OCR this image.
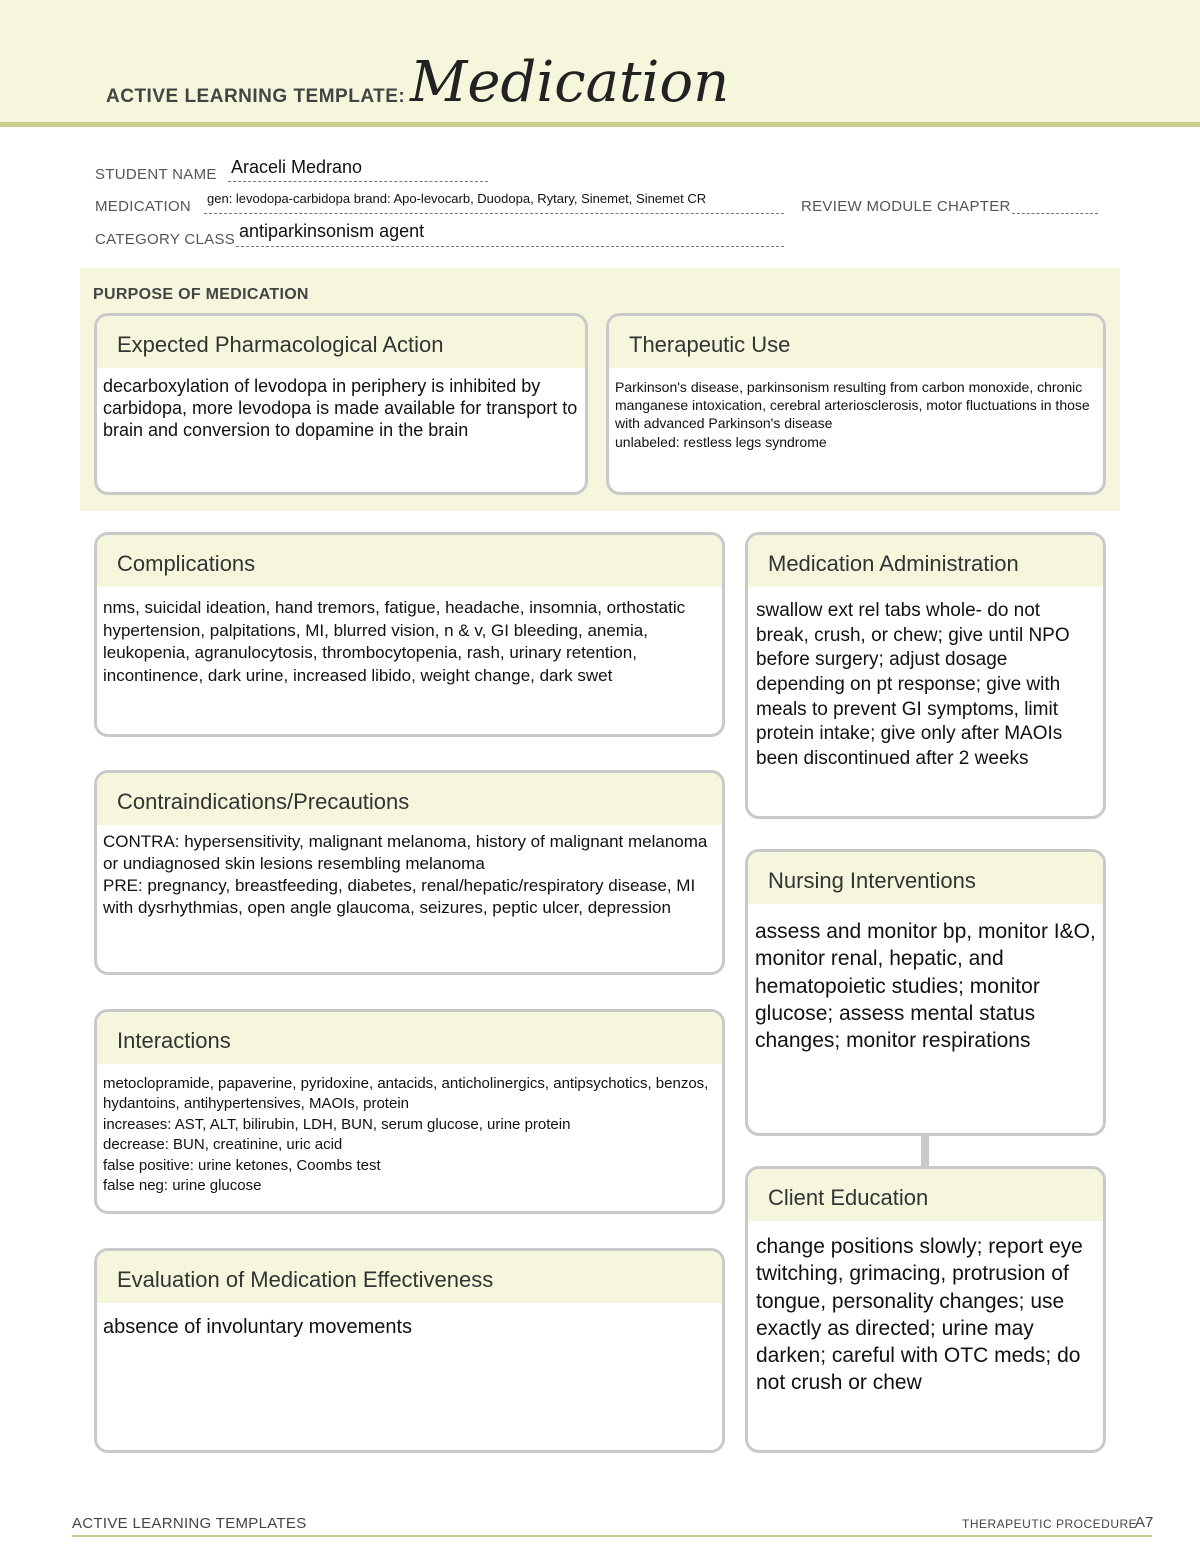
ACTIVE LEARNING TEMPLATE: Medication
STUDENT NAME Araceli Medrano
MEDICATION gen: levodopa-carbidopa brand: Apo-levocarb, Duodopa, Rytary, Sinemet, Sinemet CR	REVIEW MODULE CHAPTER
CATEGORY CLASS antiparkinsonism agent
PURPOSE OF MEDICATION
Expected Pharmacological Action
decarboxylation of levodopa in periphery is inhibited by carbidopa, more levodopa is made available for transport to brain and conversion to dopamine in the brain
Therapeutic Use
Parkinson's disease, parkinsonism resulting from carbon monoxide, chronic manganese intoxication, cerebral arteriosclerosis, motor fluctuations in those with advanced Parkinson's disease
unlabeled: restless legs syndrome
Complications
nms, suicidal ideation, hand tremors, fatigue, headache, insomnia, orthostatic hypertension, palpitations, MI, blurred vision, n & v, GI bleeding, anemia, leukopenia, agranulocytosis, thrombocytopenia, rash, urinary retention, incontinence, dark urine, increased libido, weight change, dark swet
Contraindications/Precautions
CONTRA: hypersensitivity, malignant melanoma, history of malignant melanoma or undiagnosed skin lesions resembling melanoma
PRE: pregnancy, breastfeeding, diabetes, renal/hepatic/respiratory disease, MI with dysrhythmias, open angle glaucoma, seizures, peptic ulcer, depression
Interactions
metoclopramide, papaverine, pyridoxine, antacids, anticholinergics, antipsychotics, benzos, hydantoins, antihypertensives, MAOIs, protein
increases: AST, ALT, bilirubin, LDH, BUN, serum glucose, urine protein
decrease: BUN, creatinine, uric acid
false positive: urine ketones, Coombs test
false neg: urine glucose
Evaluation of Medication Effectiveness
absence of involuntary movements
Medication Administration
swallow ext rel tabs whole- do not break, crush, or chew; give until NPO before surgery; adjust dosage depending on pt response; give with meals to prevent GI symptoms, limit protein intake; give only after MAOIs been discontinued after 2 weeks
Nursing Interventions
assess and monitor bp, monitor I&O, monitor renal, hepatic, and hematopoietic studies; monitor glucose; assess mental status changes; monitor respirations
Client Education
change positions slowly; report eye twitching, grimacing, protrusion of tongue, personality changes; use exactly as directed; urine may darken; careful with OTC meds; do not crush or chew
ACTIVE LEARNING TEMPLATES	THERAPEUTIC PROCEDURE
A7
